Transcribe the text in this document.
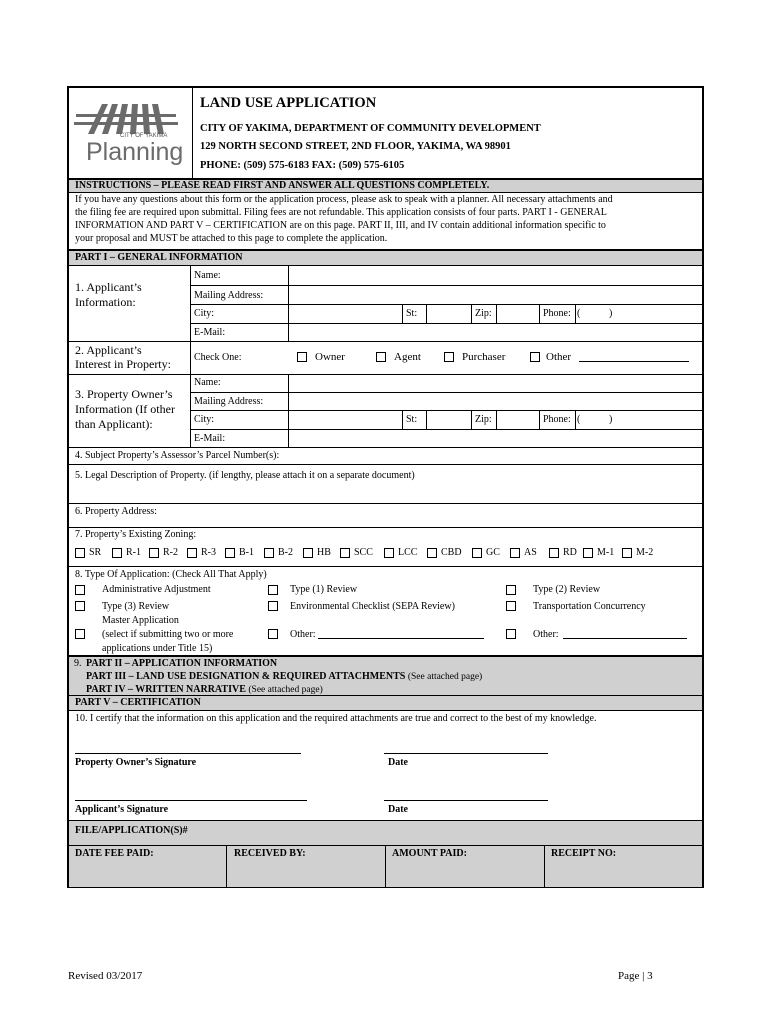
CITY OF YAKIMA
Planning
LAND USE APPLICATION
CITY OF YAKIMA, DEPARTMENT OF COMMUNITY DEVELOPMENT
129 NORTH SECOND STREET, 2ND FLOOR, YAKIMA, WA 98901
PHONE: (509) 575-6183 FAX: (509) 575-6105
INSTRUCTIONS – PLEASE READ FIRST AND ANSWER ALL QUESTIONS COMPLETELY.
If you have any questions about this form or the application process, please ask to speak with a planner. All necessary attachments and
the filing fee are required upon submittal. Filing fees are not refundable. This application consists of four parts. PART I - GENERAL
INFORMATION AND PART V – CERTIFICATION are on this page. PART II, III, and IV contain additional information specific to
your proposal and MUST be attached to this page to complete the application.
PART I – GENERAL INFORMATION
1. Applicant’s
Information:
Name:
Mailing Address:
City:	St:	Zip:	Phone: (	)
E-Mail:
2. Applicant’s
Interest in Property: Check One:	Owner	Agent	Purchaser	Other
3. Property Owner’s
Information (If other
than Applicant):
Name:
Mailing Address:
City:	St:	Zip:	Phone: (	)
E-Mail:
4. Subject Property’s Assessor’s Parcel Number(s):
5. Legal Description of Property. (if lengthy, please attach it on a separate document)
6. Property Address:
7. Property’s Existing Zoning:
SR R-1 R-2 R-3 B-1 B-2 HB SCC	LCC CBD GC AS	RD M-1 M-2
8. Type Of Application: (Check All That Apply)
Administrative Adjustment	Type (1) Review	Type (2) Review
Type (3) Review	Environmental Checklist (SEPA Review)	Transportation Concurrency
Master Application
(select if submitting two or more
applications under Title 15)
Other:	Other:
9. PART II – APPLICATION INFORMATION
PART III – LAND USE DESIGNATION & REQUIRED ATTACHMENTS (See attached page)
PART IV – WRITTEN NARRATIVE (See attached page)
PART V – CERTIFICATION
10. I certify that the information on this application and the required attachments are true and correct to the best of my knowledge.
Property Owner’s Signature	Date
Applicant’s Signature	Date
FILE/APPLICATION(S)#
DATE FEE PAID:	RECEIVED BY:	AMOUNT PAID:	RECEIPT NO:
Revised 03/2017	Page | 3
